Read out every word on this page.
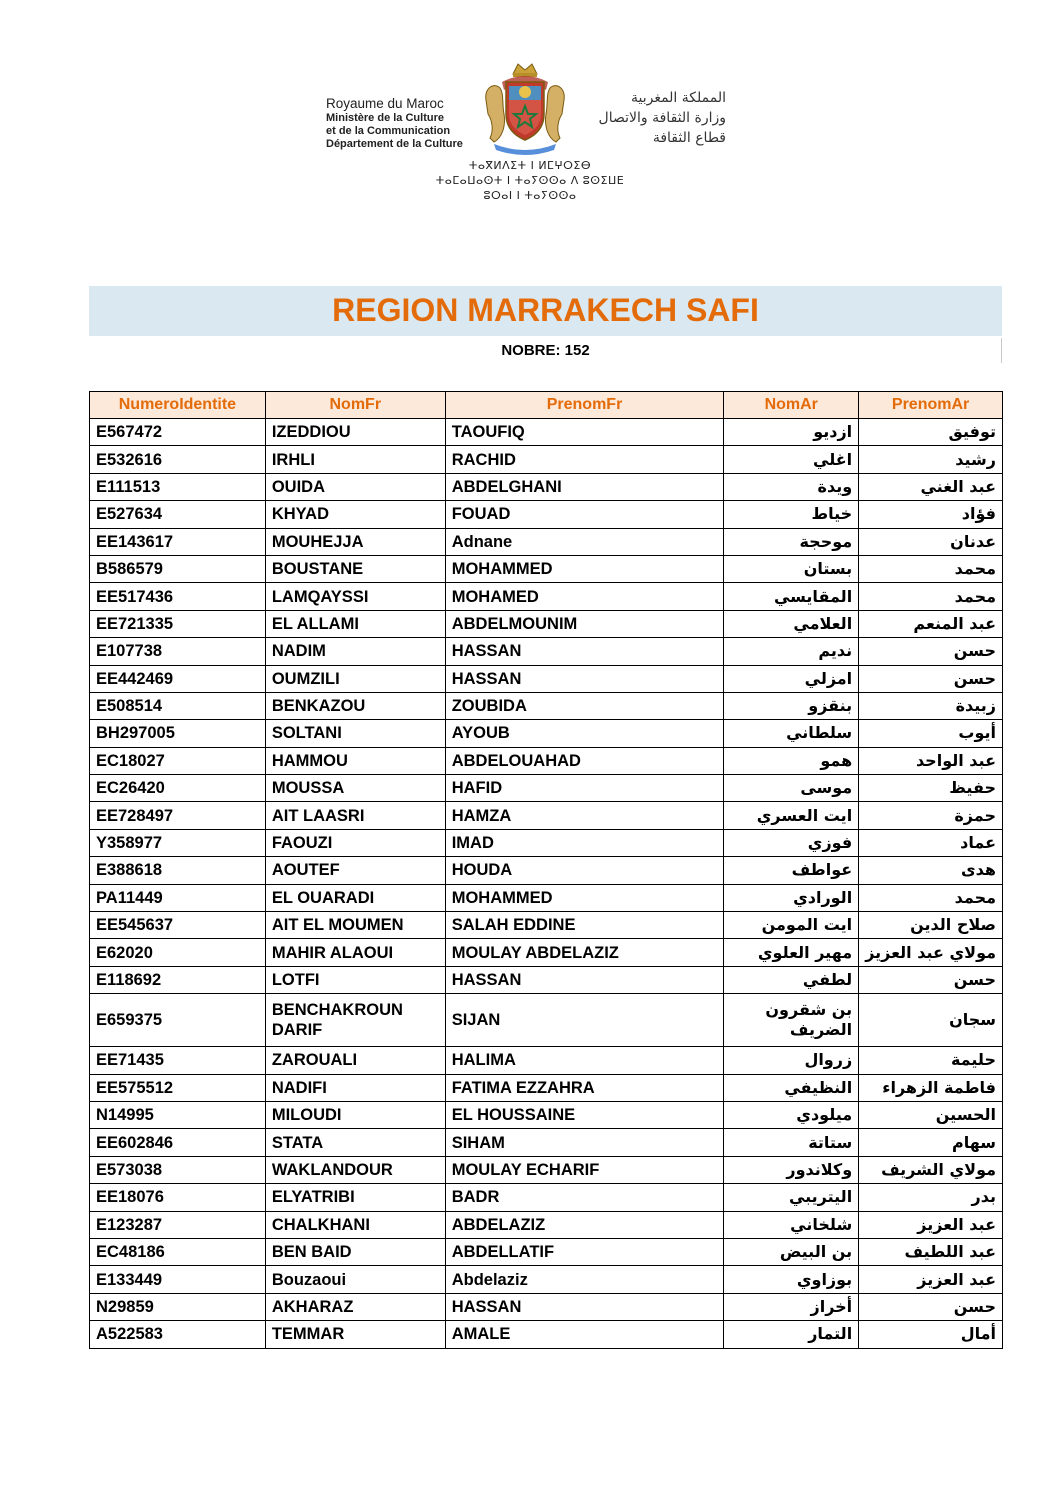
Royaume du Maroc
Ministère de la Culture
et de la Communication
Département de la Culture
المملكة المغربية
وزارة الثقافة والاتصال
قطاع الثقافة
ⵜⴰⴳⵍⴷⵉⵜ ⵏ ⵍⵎⵖⵔⵉⴱ
ⵜⴰⵎⴰⵡⴰⵙⵜ ⵏ ⵜⴰⵢⵙⵙⴰ ⴷ ⵓⵙⵉⵡⴹ
ⵓⵔⴰⵏ ⵏ ⵜⴰⵢⵙⵙⴰ
REGION MARRAKECH SAFI
NOBRE: 152
NumeroIdentite	NomFr	PrenomFr	NomAr	PrenomAr
E567472	IZEDDIOU	TAOUFIQ	ازديو	توفيق
E532616	IRHLI	RACHID	اغلي	رشيد
E111513	OUIDA	ABDELGHANI	ويدة	عبد الغني
E527634	KHYAD	FOUAD	خياط	فؤاد
EE143617	MOUHEJJA	Adnane	موحجة	عدنان
B586579	BOUSTANE	MOHAMMED	بستان	محمد
EE517436	LAMQAYSSI	MOHAMED	المقايسي	محمد
EE721335	EL ALLAMI	ABDELMOUNIM	العلامي	عبد المنعم
E107738	NADIM	HASSAN	نديم	حسن
EE442469	OUMZILI	HASSAN	امزلي	حسن
E508514	BENKAZOU	ZOUBIDA	بنقزو	زبيدة
BH297005	SOLTANI	AYOUB	سلطاني	أيوب
EC18027	HAMMOU	ABDELOUAHAD	همو	عبد الواحد
EC26420	MOUSSA	HAFID	موسى	حفيظ
EE728497	AIT LAASRI	HAMZA	ايت العسري	حمزة
Y358977	FAOUZI	IMAD	فوزي	عماد
E388618	AOUTEF	HOUDA	عواطف	هدى
PA11449	EL OUARADI	MOHAMMED	الورادي	محمد
EE545637	AIT EL MOUMEN	SALAH EDDINE	ايت المومن	صلاح الدين
E62020	MAHIR ALAOUI	MOULAY ABDELAZIZ	مهير العلوي	مولاي عبد العزيز
E118692	LOTFI	HASSAN	لطفي	حسن
E659375	BENCHAKROUN DARIF	SIJAN	بن شقرون الضريف	سجان
EE71435	ZAROUALI	HALIMA	زروال	حليمة
EE575512	NADIFI	FATIMA EZZAHRA	النظيفي	فاطمة الزهراء
N14995	MILOUDI	EL HOUSSAINE	ميلودي	الحسين
EE602846	STATA	SIHAM	ستاتة	سهام
E573038	WAKLANDOUR	MOULAY ECHARIF	وكلاندور	مولاي الشريف
EE18076	ELYATRIBI	BADR	اليتريبي	بدر
E123287	CHALKHANI	ABDELAZIZ	شلخاني	عبد العزيز
EC48186	BEN BAID	ABDELLATIF	بن البيض	عبد اللطيف
E133449	Bouzaoui	Abdelaziz	بوزاوي	عبد العزيز
N29859	AKHARAZ	HASSAN	أخراز	حسن
A522583	TEMMAR	AMALE	التمار	أمال
